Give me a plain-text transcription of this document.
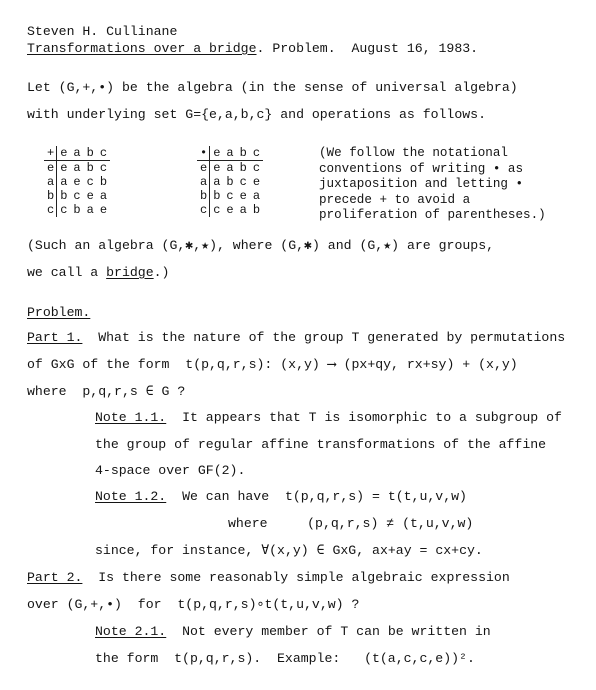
Steven H. Cullinane
Transformations over a bridge. Problem. August 16, 1983.
Let (G,+,•) be the algebra (in the sense of universal algebra)
with underlying set G={e,a,b,c} and operations as follows.
+	e	a	b	c
e	e	a	b	c
a	a	e	c	b
b	b	c	e	a
c	c	b	a	e
•	e	a	b	c
e	e	a	b	c
a	a	b	c	e
b	b	c	e	a
c	c	e	a	b
(We follow the notational
conventions of writing • as
juxtaposition and letting •
precede + to avoid a
proliferation of parentheses.)
(Such an algebra (G,✱,★), where (G,✱) and (G,★) are groups,
we call a bridge.)
Problem.
Part 1. What is the nature of the group T generated by permutations
of GxG of the form  t(p,q,r,s): (x,y) ⟶ (px+qy, rx+sy) + (x,y)
where  p,q,r,s ∈ G ?
Note 1.1. It appears that T is isomorphic to a subgroup of
the group of regular affine transformations of the affine
4-space over GF(2).
Note 1.2. We can have  t(p,q,r,s) = t(t,u,v,w)
where     (p,q,r,s) ≠ (t,u,v,w)
since, for instance, ∀(x,y) ∈ GxG, ax+ay = cx+cy.
Part 2. Is there some reasonably simple algebraic expression
over (G,+,•)  for  t(p,q,r,s)∘t(t,u,v,w) ?
Note 2.1. Not every member of T can be written in
the form  t(p,q,r,s).  Example:   (t(a,c,c,e))².
